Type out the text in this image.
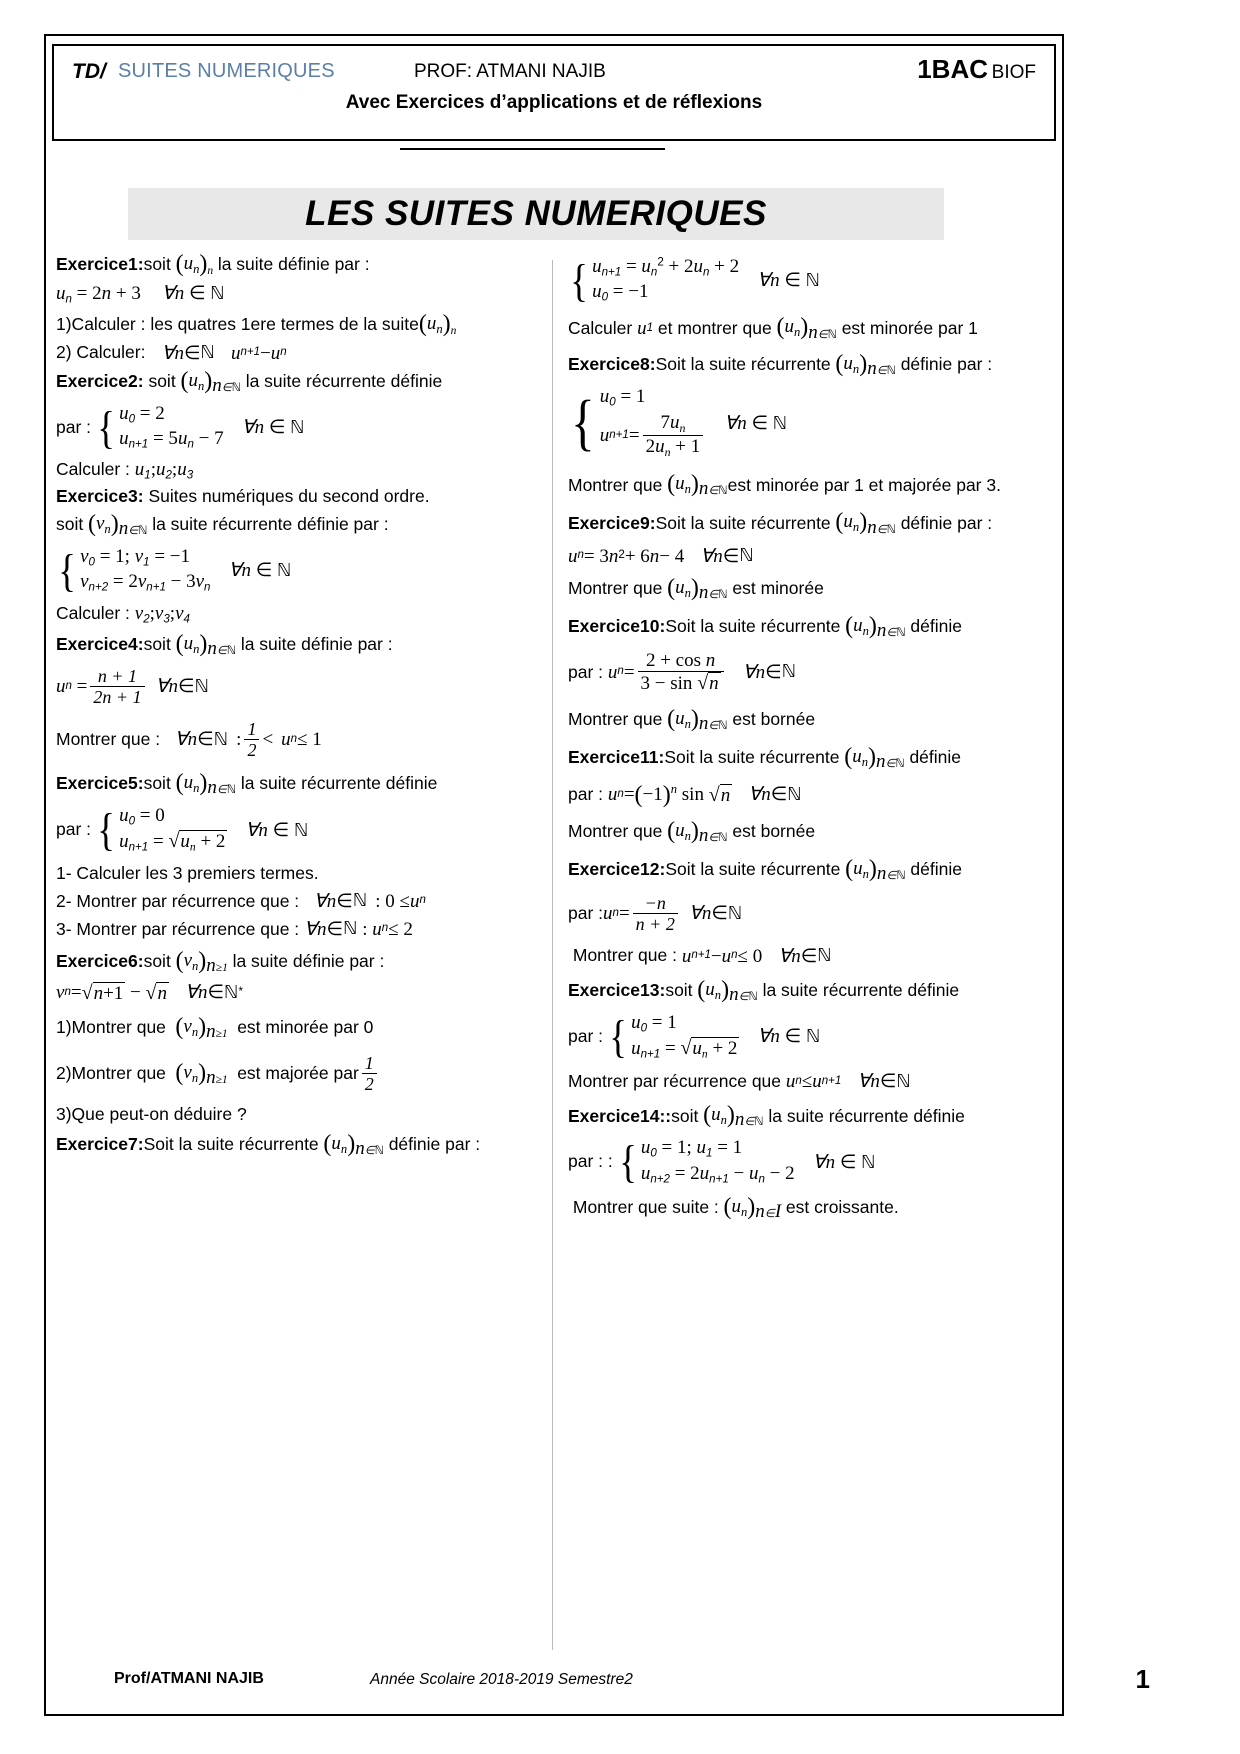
TD/ SUITES NUMERIQUES	PROF: ATMANI NAJIB	1BAC BIOF
Avec Exercices d’applications et de réflexions
LES SUITES NUMERIQUES
Exercice1: soit $(u_n)_n$ la suite définie par :
$u_n = 2n + 3$ ∀n ∈ ℕ
1)Calculer : les quatres 1ere termes de la suite $(u_n)_n$
2) Calculer: ∀n ∈ ℕ u n+1 − u n
Exercice2:
soit $(u_n)_{n\in ℕ}$ la suite récurrente définie
par : { $u_0 = 2$
$u_{n+1} = 5u_n - 7$
∀n ∈ ℕ
Calculer : $u_1;u_2;u_3$
Exercice3:
Suites numériques du second ordre.
soit $(v_n)_{n\in ℕ}$ la suite récurrente définie par :
{ $v_0 = 1$; $v_1 = -1$
$v_{n+2} = 2v_{n+1} - 3v_n$
∀n ∈ ℕ
Calculer : $v_2;v_3;v_4$
Exercice4: soit $(u_n)_{n\in ℕ}$ la suite définie par :
u $n = \frac{n + 1}{2n + 1}$ ∀n ∈ ℕ
Montrer que : ∀n ∈ ℕ : $\frac{1}{2} < u$ n ≤ 1
Exercice5: soit $(u_n)_{n\in ℕ}$ la suite récurrente définie
par : { $u_0 = 0$
$u_{n+1} = √u_n + 2$
∀n ∈ ℕ
1- Calculer les 3 premiers termes.
2- Montrer par récurrence que : ∀n ∈ ℕ : 0 ≤ u n
3- Montrer par récurrence que : ∀n ∈ ℕ : u n ≤ 2
Exercice6: soit $(v_n)_{n\ge 1}$ la suite définie par :
v n = √n+1 − √n ∀n ∈ ℕ *
1)Montrer que $(v_n)_{n\ge 1}$ est minorée par 0
2)Montrer que $(v_n)_{n\ge 1}$ est majorée par $\frac{1}{2}$
3)Que peut-on déduire ?
Exercice7: Soit la suite récurrente $(u_n)_{n\in ℕ}$ définie par :
{ $u_{n+1} = u_n^2 + 2u_n + 2$
$u_0 = -1$
∀n ∈ ℕ
Calculer
u 1
et montrer que $(u_n)_{n\in ℕ}$ est minorée par 1
Exercice8: Soit la suite récurrente $(u_n)_{n\in ℕ}$ définie par :
{ $u_0 = 1$
u $n+1 = \frac{7u_n}{2u_n + 1}$ ∀n ∈ ℕ
Montrer que $(u_n)_{n\in ℕ}$ est minorée par 1 et majorée par 3.
Exercice9: Soit la suite récurrente $(u_n)_{n\in ℕ}$ définie par :
u n = 3 n 2 + 6 n − 4 ∀n ∈ ℕ
Montrer que $(u_n)_{n\in ℕ}$ est minorée
Exercice10: Soit la suite récurrente $(u_n)_{n\in ℕ}$ définie
par :
u $n = \frac{\text{2 + cos n}}{3 - \sin √n}$ ∀n ∈ ℕ
Montrer que $(u_n)_{n\in ℕ}$ est bornée
Exercice11: Soit la suite récurrente $(u_n)_{n\in ℕ}$ définie
par :
u $n = (-1)^n$ sin √n ∀n ∈ ℕ
Montrer que $(u_n)_{n\in ℕ}$ est bornée
Exercice12: Soit la suite récurrente $(u_n)_{n\in ℕ}$ définie
par : u $n = \frac{-n}{n + 2}$ ∀n ∈ ℕ
Montrer que : u n+1 − u n ≤ 0 ∀n ∈ ℕ
Exercice13: soit $(u_n)_{n\in ℕ}$ la suite récurrente définie
par : { $u_0 = 1$
$u_{n+1} = √u_n + 2$
∀n ∈ ℕ
Montrer par récurrence que u n ≤ u n+1 ∀n ∈ ℕ
Exercice14:: soit $(u_n)_{n\in ℕ}$ la suite récurrente définie
par : : { $u_0 = 1$; $u_1 = 1$
$u_{n+2} = 2u_{n+1} - u_n - 2$
∀n ∈ ℕ

Montrer que suite : $(u_n)_{n\in I}$ est croissante.
Prof/ATMANI NAJIB	Année Scolaire 2018-2019 Semestre2	1
